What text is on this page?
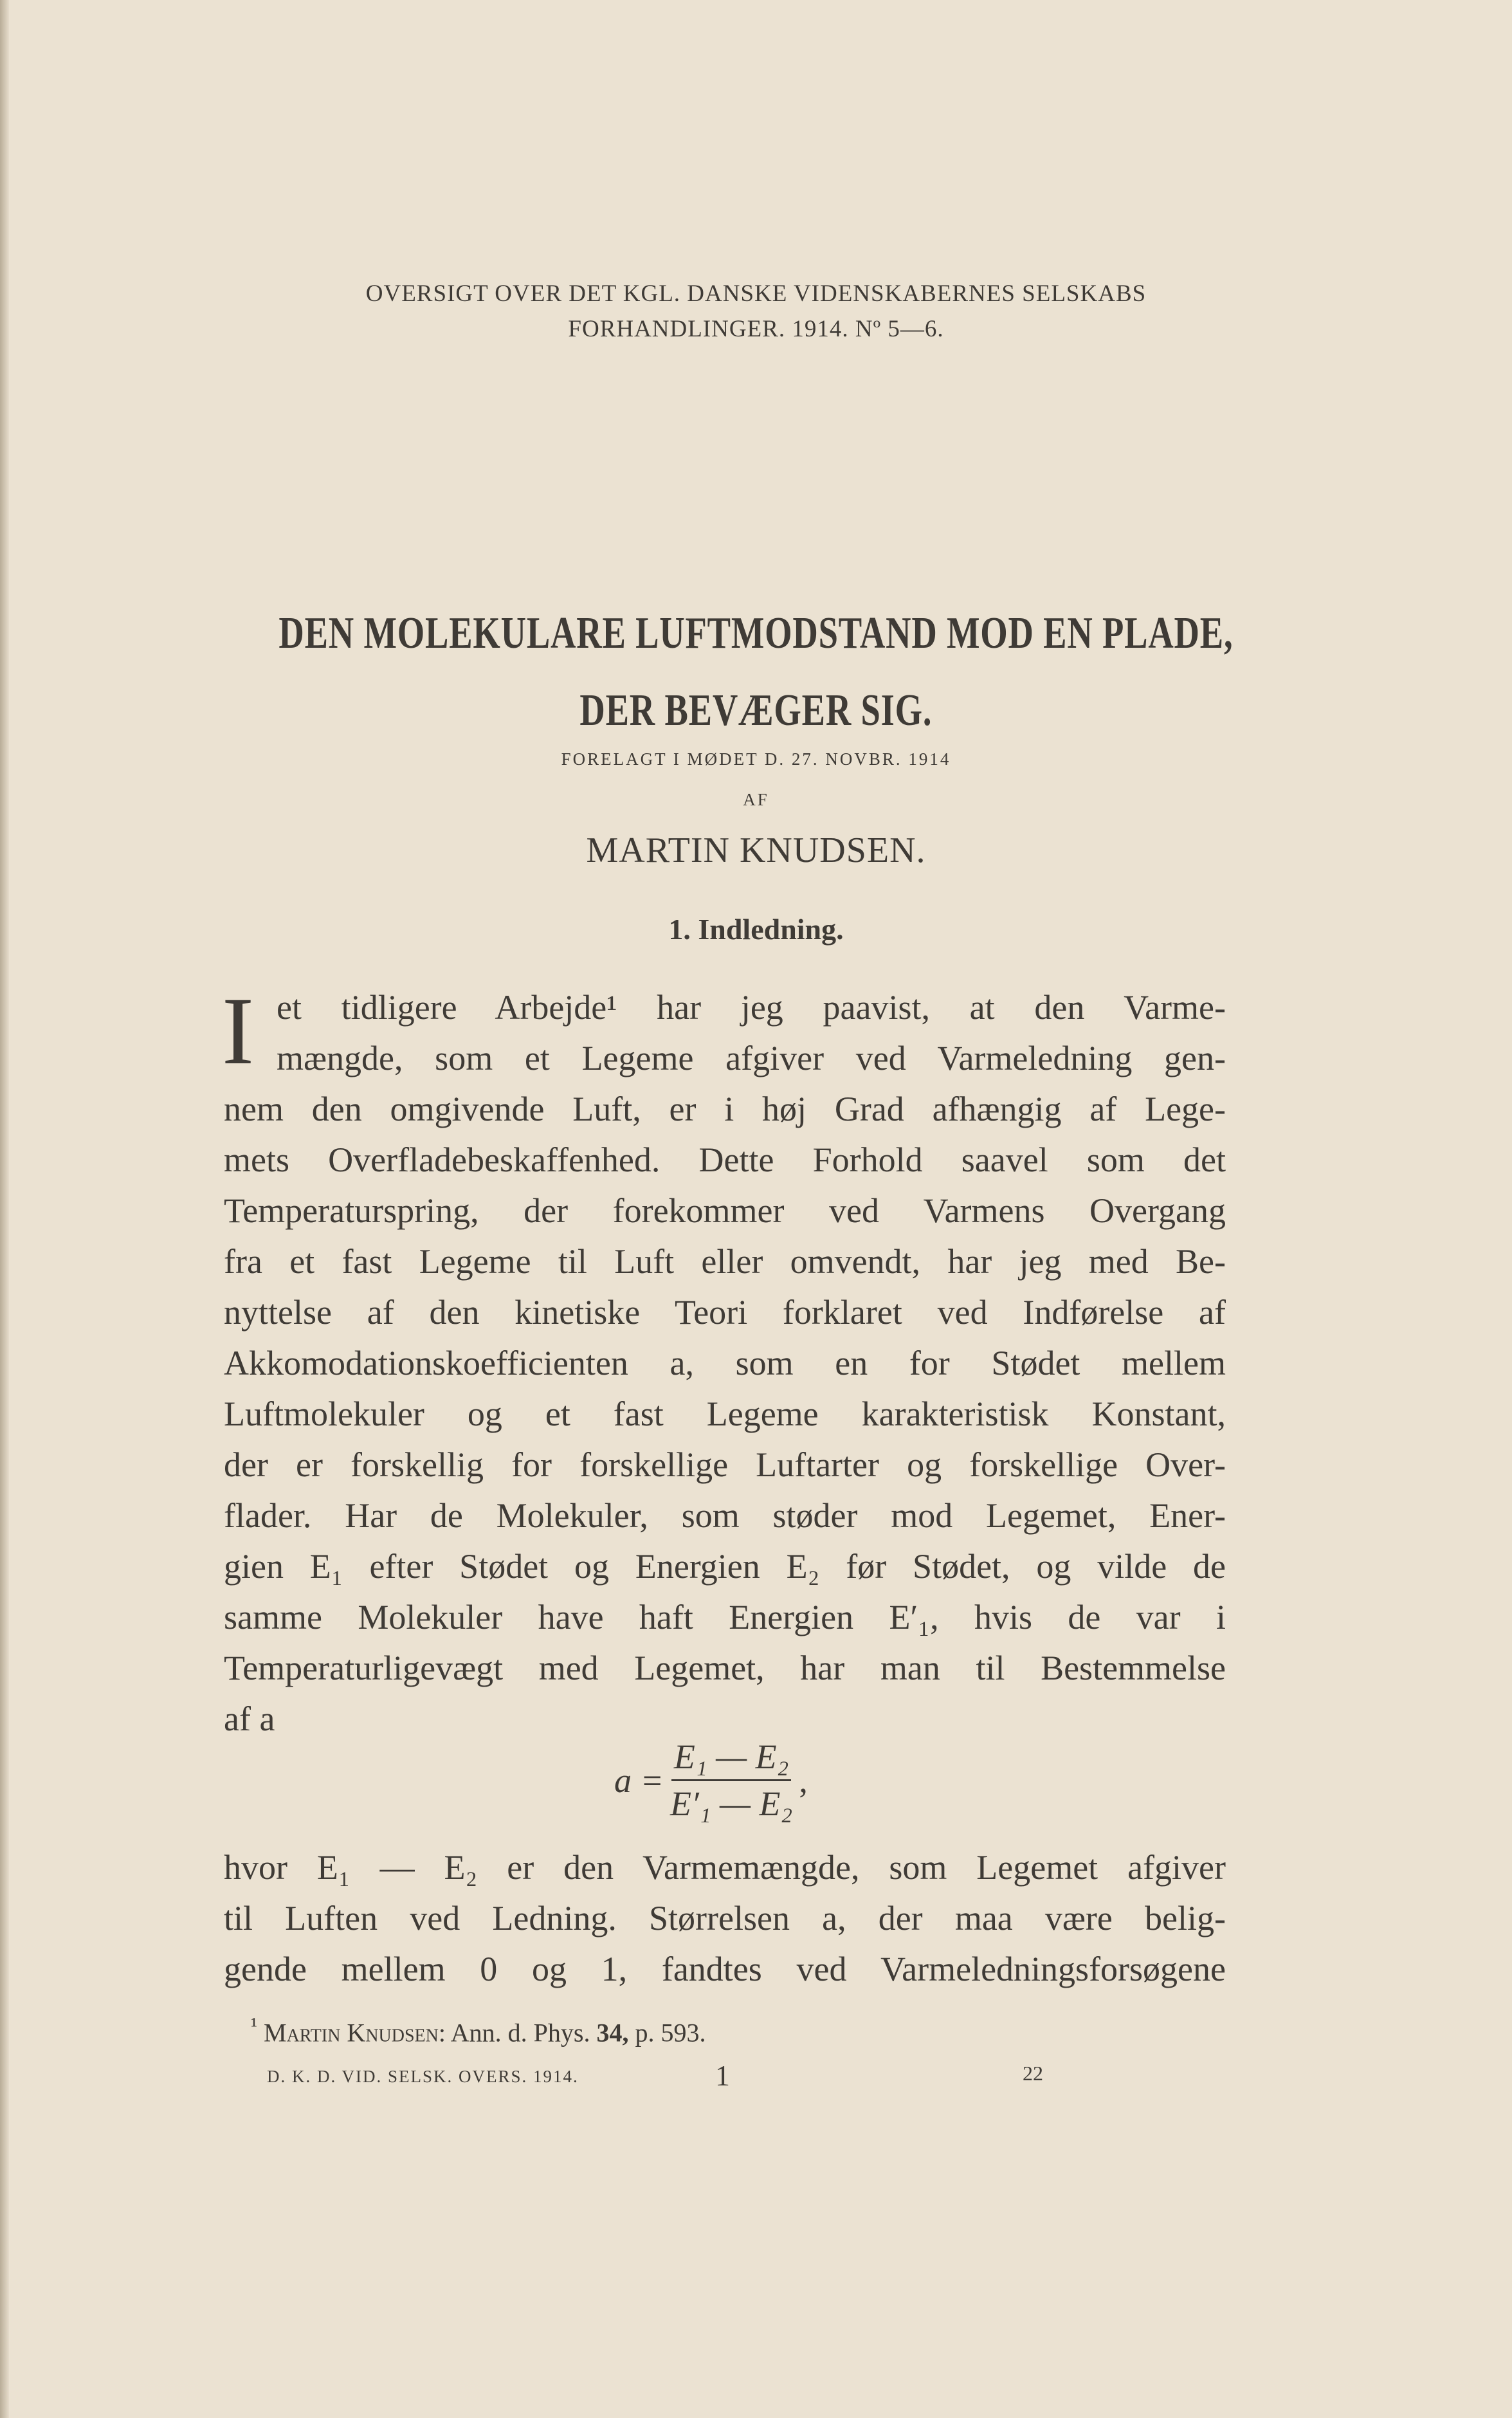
OVERSIGT OVER DET KGL. DANSKE VIDENSKABERNES SELSKABS
FORHANDLINGER. 1914. Nº 5—6.
DEN MOLEKULARE LUFTMODSTAND MOD EN PLADE,
DER BEVÆGER SIG.
FORELAGT I MØDET D. 27. NOVBR. 1914
AF
MARTIN KNUDSEN.
1. Indledning.
I et tidligere Arbejde¹ har jeg paavist, at den Varme-
mængde, som et Legeme afgiver ved Varmeledning gen-
nem den omgivende Luft, er i høj Grad afhængig af Lege-
mets Overfladebeskaffenhed. Dette Forhold saavel som det
Temperaturspring, der forekommer ved Varmens Overgang
fra et fast Legeme til Luft eller omvendt, har jeg med Be-
nyttelse af den kinetiske Teori forklaret ved Indførelse af
Akkomodationskoefficienten a, som en for Stødet mellem
Luftmolekuler og et fast Legeme karakteristisk Konstant,
der er forskellig for forskellige Luftarter og forskellige Over-
flader. Har de Molekuler, som støder mod Legemet, Ener-
gien E₁ efter Stødet og Energien E₂ før Stødet, og vilde de
samme Molekuler have haft Energien E′₁, hvis de var i
Temperaturligevægt med Legemet, har man til Bestemmelse
af a
$a = \frac{\text{E₁ — E₂}}{\text{E′₁ — E₂}}$ ,
hvor E₁ — E₂ er den Varmemængde, som Legemet afgiver
til Luften ved Ledning. Størrelsen a, der maa være belig-
gende mellem 0 og 1, fandtes ved Varmeledningsforsøgene
$^{^1}$ Martin Knudsen: Ann. d. Phys. 34, p. 593.
D. K. D. VID. SELSK. OVERS. 1914.	1	22
